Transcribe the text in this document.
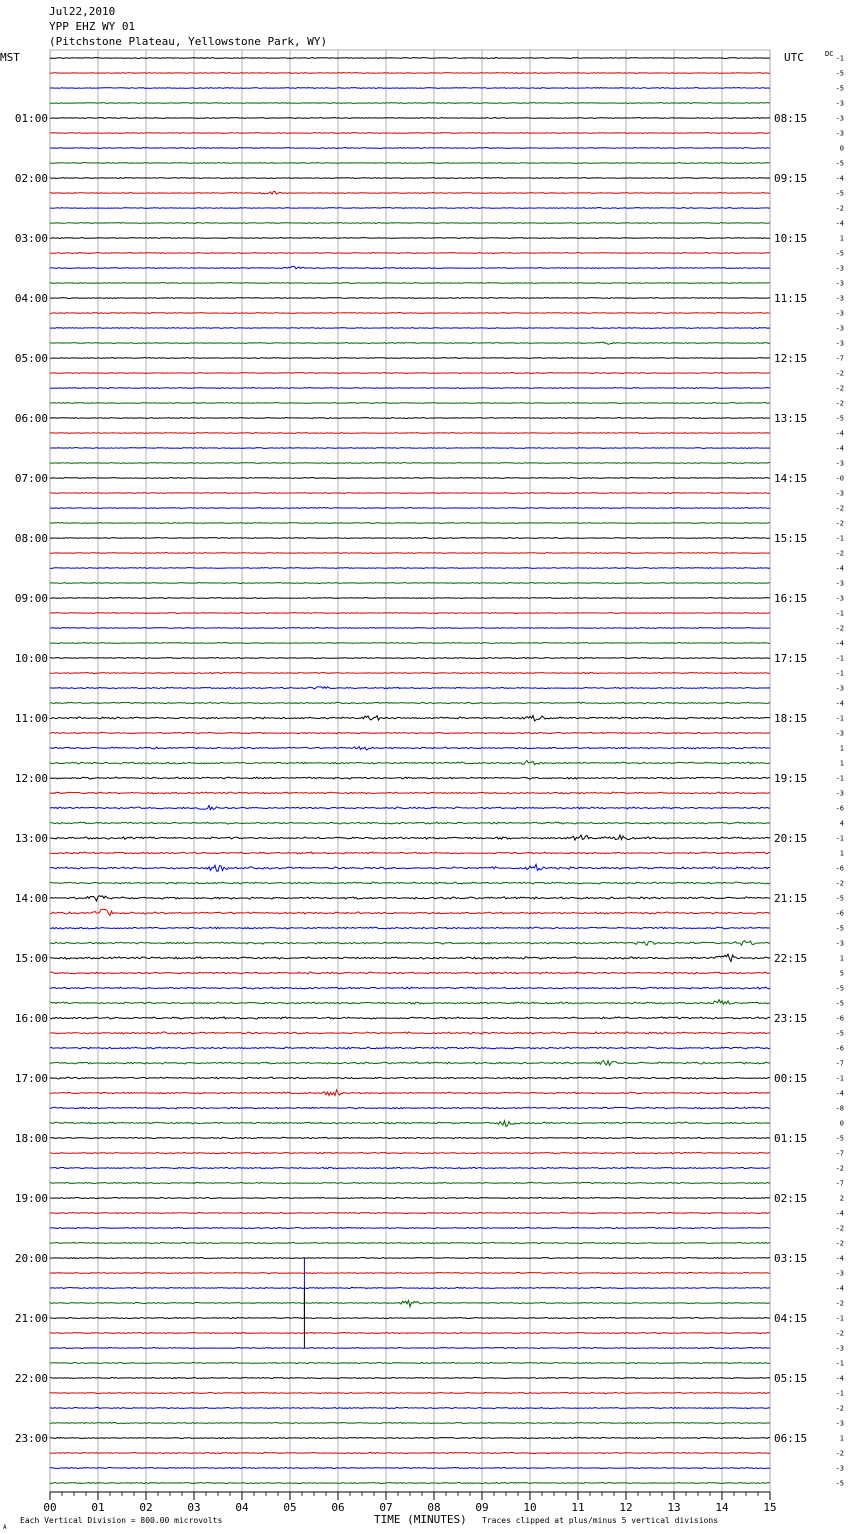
00	01	02	03	04	05	06	07	08	09	10	11	12	13	14	15
-1
-5
-5
-3
-3
01:00	08:15
-3
0
-5
-4
02:00	09:15
-5
-2
-4
1
03:00	10:15
-5
-3
-3
-3
04:00	11:15
-3
-3
-3
-7
05:00	12:15
-2
-2
-2
-5
06:00	13:15
-4
-4
-3
-0
07:00	14:15
-3
-2
-2
-1
08:00	15:15
-2
-4
-3
-3
09:00	16:15
-1
-2
-4
-1
10:00	17:15
-1
-3
-4
-1
11:00	18:15
-3
1
1
-1
12:00	19:15
-3
-6
4
-1
13:00	20:15
1
-6
-2
-5
14:00	21:15
-6
-5
-3
1
15:00	22:15
5
-5
-5
-6
16:00	23:15
-5
-6
-7
-1
17:00	00:15
-4
-8
0
-5
18:00	01:15
-7
-2
-7
2
19:00	02:15
-4
-2
-2
-4
20:00	03:15
-3
-4
-2
-1
21:00	04:15
-2
-3
-1
-4
22:00	05:15
-1
-2
-3
1
23:00	06:15
-2
-3
-5
Jul22,2010
YPP EHZ WY 01
(Pitchstone Plateau, Yellowstone Park, WY)
MST	UTC	DC
A
Each Vertical Division = 800.00 microvolts	TIME (MINUTES) Traces clipped at plus/minus 5 vertical divisions
